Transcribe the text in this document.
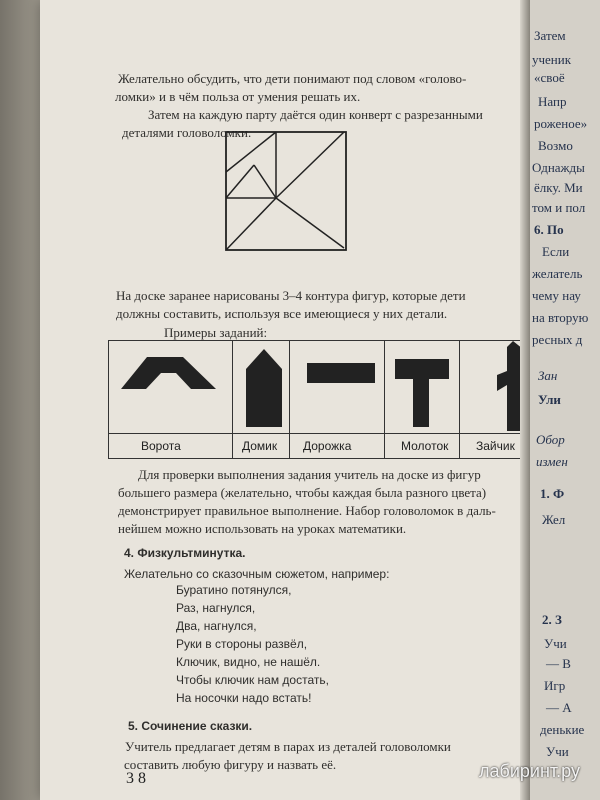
Желательно обсудить, что дети понимают под словом «голово-
ломки» и в чём польза от умения решать их.
Затем на каждую парту даётся один конверт с разрезанными
деталями головоломки.
На доске заранее нарисованы 3–4 контура фигур, которые дети
должны составить, используя все имеющиеся у них детали.
Примеры заданий:
Ворота	Домик Дорожка	Молоток Зайчик
Для проверки выполнения задания учитель на доске из фигур
большего размера (желательно, чтобы каждая была разного цвета)
демонстрирует правильное выполнение. Набор головоломок в даль-
нейшем можно использовать на уроках математики.
4. Физкультминутка.
Желательно со сказочным сюжетом, например:
Буратино потянулся,
Раз, нагнулся,
Два, нагнулся,
Руки в стороны развёл,
Ключик, видно, не нашёл.
Чтобы ключик нам достать,
На носочки надо встать!
5. Сочинение сказки.
Учитель предлагает детям в парах из деталей головоломки
составить любую фигуру и назвать её.
3 8
Затем
ученик
«своё
Напр
роженое»
Возмо
Однажды
ёлку. Ми
том и пол
6. По
Если
желатель
чему нау
на вторую
ресных д
Зан
Ули
Обор
измен
1. Ф
Жел
2. З
Учи
— В
Игр
— А
денькие
Учи
лабиринт.ру
